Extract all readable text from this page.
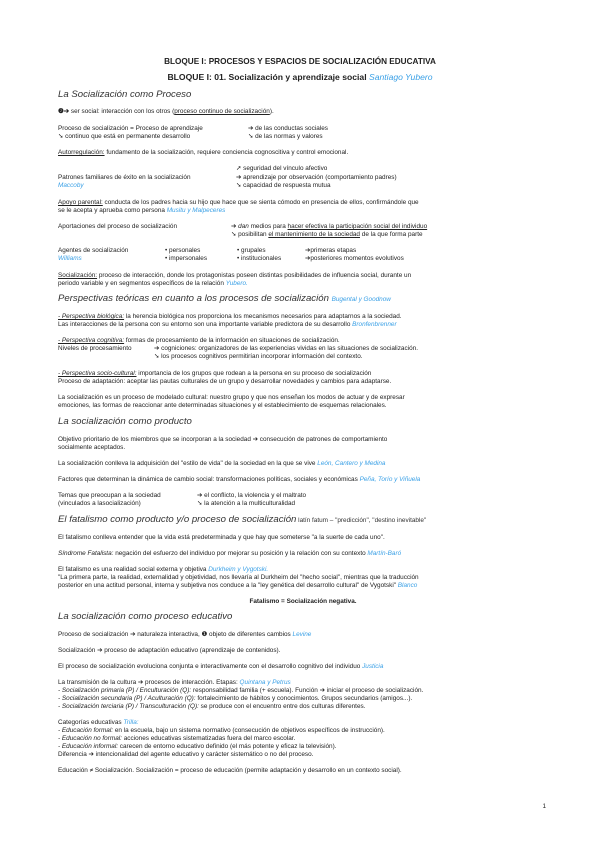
BLOQUE I: PROCESOS Y ESPACIOS DE SOCIALIZACIÓN EDUCATIVA
BLOQUE I: 01. Socialización y aprendizaje social Santiago Yubero
La Socialización como Proceso
❷➔ ser social: interacción con los otros (proceso continuo de socialización).
Proceso de socialización = Proceso de aprendizaje	➔ de las conductas sociales
➘ continuo que está en permanente desarrollo	➘ de las normas y valores
Autorregulación: fundamento de la socialización, requiere conciencia cognoscitiva y control emocional.
➚ seguridad del vínculo afectivo
Patrones familiares de éxito en la socialización	➔ aprendizaje por observación (comportamiento padres)
Maccoby	➘ capacidad de respuesta mutua
Apoyo parental: conducta de los padres hacia su hijo que hace que se sienta cómodo en presencia de ellos, confirmándole que
se le acepta y aprueba como persona Musitu y Malpeceres
Aportaciones del proceso de socialización	➔ dan medios para hacer efectiva la participación social del individuo
➘ posibilitan el mantenimiento de la sociedad de la que forma parte
Agentes de socialización	• personales	• grupales	➔primeras etapas
Williams	• impersonales	• institucionales	➔posteriores momentos evolutivos
Socialización: proceso de interacción, donde los protagonistas poseen distintas posibilidades de influencia social, durante un
periodo variable y en segmentos específicos de la relación Yubero.
Perspectivas teóricas en cuanto a los procesos de socialización Bugental y Goodnow
- Perspectiva biológica: la herencia biológica nos proporciona los mecanismos necesarios para adaptarnos a la sociedad.
Las interacciones de la persona con su entorno son una importante variable predictora de su desarrollo Bronfenbrenner
- Perspectiva cognitiva: formas de procesamiento de la información en situaciones de socialización.
Niveles de procesamiento	➔ cogniciones: organizadores de las experiencias vividas en las situaciones de socialización.
➘ los procesos cognitivos permitirían incorporar información del contexto.
- Perspectiva socio-cultural: importancia de los grupos que rodean a la persona en su proceso de socialización
Proceso de adaptación: aceptar las pautas culturales de un grupo y desarrollar novedades y cambios para adaptarse.
La socialización es un proceso de modelado cultural: nuestro grupo y que nos enseñan los modos de actuar y de expresar
emociones, las formas de reaccionar ante determinadas situaciones y el establecimiento de esquemas relacionales.
La socialización como producto
Objetivo prioritario de los miembros que se incorporan a la sociedad ➔ consecución de patrones de comportamiento
socialmente aceptados.
La socialización conlleva la adquisición del "estilo de vida" de la sociedad en la que se vive León, Cantero y Medina
Factores que determinan la dinámica de cambio social: transformaciones políticas, sociales y económicas Peña, Torío y Viñuela
Temas que preocupan a la sociedad	➔ el conflicto, la violencia y el maltrato
(vinculados a lasocialización)	➘ la atención a la multiculturalidad
El fatalismo como producto y/o proceso de socialización latín fatum – "predicción", "destino inevitable"
El fatalismo conlleva entender que la vida está predeterminada y que hay que someterse "a la suerte de cada uno".
Síndrome Fatalista: negación del esfuerzo del individuo por mejorar su posición y la relación con su contexto Martín-Baró
El fatalismo es una realidad social externa y objetiva Durkheim y Vygotski.
"La primera parte, la realidad, externalidad y objetividad, nos llevaría al Durkheim del "hecho social", mientras que la traducción
posterior en una actitud personal, interna y subjetiva nos conduce a la "ley genética del desarrollo cultural" de Vygotski" Blanco
Fatalismo = Socialización negativa.
La socialización como proceso educativo
Proceso de socialización ➔ naturaleza interactiva, ❶ objeto de diferentes cambios Levine
Socialización ➔ proceso de adaptación educativo (aprendizaje de contenidos).
El proceso de socialización evoluciona conjunta e interactivamente con el desarrollo cognitivo del individuo Justicia
La transmisión de la cultura ➔ procesos de interacción. Etapas: Quintana y Petrus
- Socialización primaria (P) / Enculturación (Q): responsabilidad familia (+ escuela). Función ➔ iniciar el proceso de socialización.
- Socialización secundaria (P) / Aculturación (Q): fortalecimiento de hábitos y conocimientos. Grupos secundarios (amigos...).
- Socialización terciaria (P) / Transculturación (Q): se produce con el encuentro entre dos culturas diferentes.
Categorías educativas Trilla:
- Educación formal: en la escuela, bajo un sistema normativo (consecución de objetivos específicos de instrucción).
- Educación no formal: acciones educativas sistematizadas fuera del marco escolar.
- Educación informal: carecen de entorno educativo definido (el más potente y eficaz la televisión).
Diferencia ➔ intencionalidad del agente educativo y carácter sistemático o no del proceso.
Educación ≠ Socialización. Socialización = proceso de educación (permite adaptación y desarrollo en un contexto social).
1
